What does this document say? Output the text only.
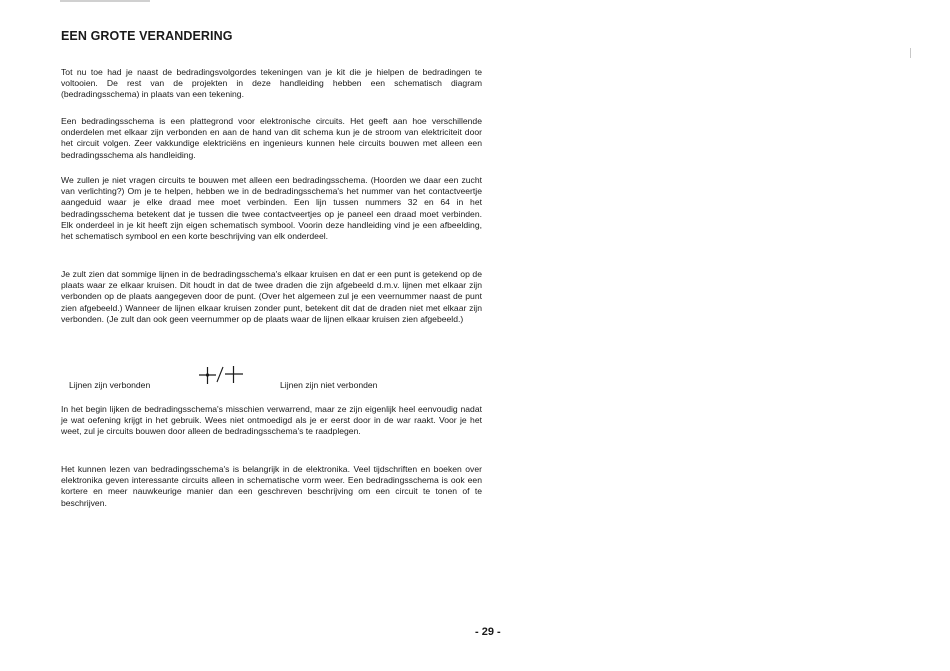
EEN GROTE VERANDERING

Tot nu toe had je naast de bedradingsvolgordes tekeningen van je kit die je hielpen de bedradingen te voltooien. De rest van de projekten in deze handleiding hebben een schematisch diagram (bedradingsschema) in plaats van een tekening.

Een bedradingsschema is een plattegrond voor elektronische circuits. Het geeft aan hoe verschillende onderdelen met elkaar zijn verbonden en aan de hand van dit schema kun je de stroom van elektriciteit door het circuit volgen. Zeer vakkundige elektriciëns en ingenieurs kunnen hele circuits bouwen met alleen een bedradingsschema als handleiding.

We zullen je niet vragen circuits te bouwen met alleen een bedradingsschema. (Hoorden we daar een zucht van verlichting?) Om je te helpen, hebben we in de bedradingsschema's het nummer van het contactveertje aangeduid waar je elke draad mee moet verbinden. Een lijn tussen nummers 32 en 64 in het bedradingsschema betekent dat je tussen die twee contactveertjes op je paneel een draad moet verbinden. Elk onderdeel in je kit heeft zijn eigen schematisch symbool. Voorin deze handleiding vind je een afbeelding, het schematisch symbool en een korte beschrijving van elk onderdeel.

Je zult zien dat sommige lijnen in de bedradingsschema's elkaar kruisen en dat er een punt is getekend op de plaats waar ze elkaar kruisen. Dit houdt in dat de twee draden die zijn afgebeeld d.m.v. lijnen met elkaar zijn verbonden op de plaats aangegeven door de punt. (Over het algemeen zul je een veernummer naast de punt zien afgebeeld.) Wanneer de lijnen elkaar kruisen zonder punt, betekent dit dat de draden niet met elkaar zijn verbonden. (Je zult dan ook geen veernummer op de plaats waar de lijnen elkaar kruisen zien afgebeeld.)

Lijnen zijn verbonden	Lijnen zijn niet verbonden

In het begin lijken de bedradingsschema's misschien verwarrend, maar ze zijn eigenlijk heel eenvoudig nadat je wat oefening krijgt in het gebruik. Wees niet ontmoedigd als je er eerst door in de war raakt. Voor je het weet, zul je circuits bouwen door alleen de bedradingsschema's te raadplegen.

Het kunnen lezen van bedradingsschema's is belangrijk in de elektronika. Veel tijdschriften en boeken over elektronika geven interessante circuits alleen in schematische vorm weer. Een bedradingsschema is ook een kortere en meer nauwkeurige manier dan een geschreven beschrijving om een circuit te tonen of te beschrijven.

- 29 -
